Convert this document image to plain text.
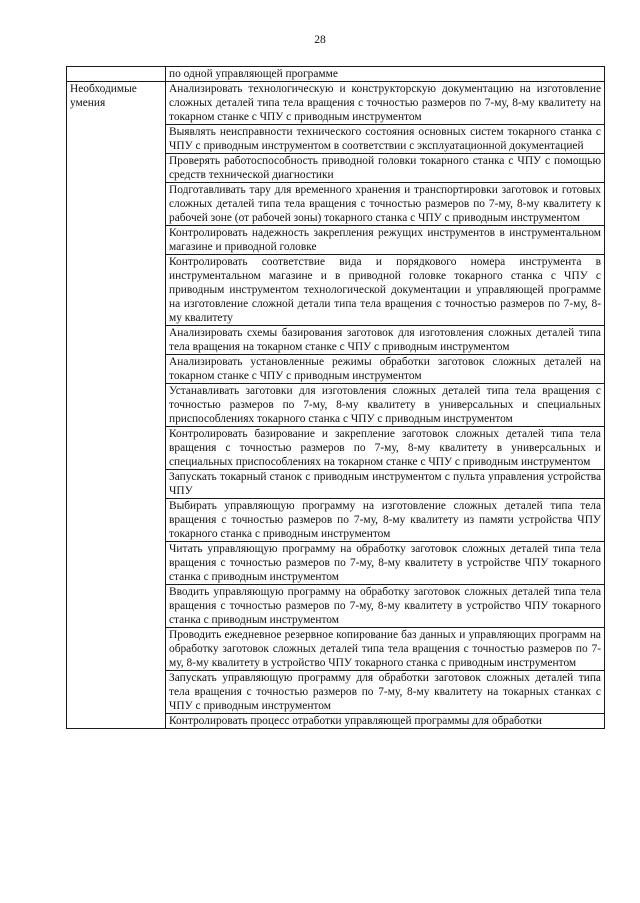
28
	по одной управляющей программе
Необходимые умения	Анализировать технологическую и конструкторскую документацию на изготовление сложных деталей типа тела вращения с точностью размеров по 7-му, 8-му квалитету на токарном станке с ЧПУ с приводным инструментом
	Выявлять неисправности технического состояния основных систем токарного станка с ЧПУ с приводным инструментом в соответствии с эксплуатационной документацией
	Проверять работоспособность приводной головки токарного станка с ЧПУ с помощью средств технической диагностики
	Подготавливать тару для временного хранения и транспортировки заготовок и готовых сложных деталей типа тела вращения с точностью размеров по 7-му, 8-му квалитету к рабочей зоне (от рабочей зоны) токарного станка с ЧПУ с приводным инструментом
	Контролировать надежность закрепления режущих инструментов в инструментальном магазине и приводной головке
	Контролировать соответствие вида и порядкового номера инструмента в инструментальном магазине и в приводной головке токарного станка с ЧПУ с приводным инструментом технологической документации и управляющей программе на изготовление сложной детали типа тела вращения с точностью размеров по 7-му, 8-му квалитету
	Анализировать схемы базирования заготовок для изготовления сложных деталей типа тела вращения на токарном станке с ЧПУ с приводным инструментом
	Анализировать установленные режимы обработки заготовок сложных деталей на токарном станке с ЧПУ с приводным инструментом
	Устанавливать заготовки для изготовления сложных деталей типа тела вращения с точностью размеров по 7-му, 8-му квалитету в универсальных и специальных приспособлениях токарного станка с ЧПУ с приводным инструментом
	Контролировать базирование и закрепление заготовок сложных деталей типа тела вращения с точностью размеров по 7-му, 8-му квалитету в универсальных и специальных приспособлениях на токарном станке с ЧПУ с приводным инструментом
	Запускать токарный станок с приводным инструментом с пульта управления устройства ЧПУ
	Выбирать управляющую программу на изготовление сложных деталей типа тела вращения с точностью размеров по 7-му, 8-му квалитету из памяти устройства ЧПУ токарного станка с приводным инструментом
	Читать управляющую программу на обработку заготовок сложных деталей типа тела вращения с точностью размеров по 7-му, 8-му квалитету в устройстве ЧПУ токарного станка с приводным инструментом
	Вводить управляющую программу на обработку заготовок сложных деталей типа тела вращения с точностью размеров по 7-му, 8-му квалитету в устройство ЧПУ токарного станка с приводным инструментом
	Проводить ежедневное резервное копирование баз данных и управляющих программ на обработку заготовок сложных деталей типа тела вращения с точностью размеров по 7-му, 8-му квалитету в устройство ЧПУ токарного станка с приводным инструментом
	Запускать управляющую программу для обработки заготовок сложных деталей типа тела вращения с точностью размеров по 7-му, 8-му квалитету на токарных станках с ЧПУ с приводным инструментом
	Контролировать процесс отработки управляющей программы для обработки
